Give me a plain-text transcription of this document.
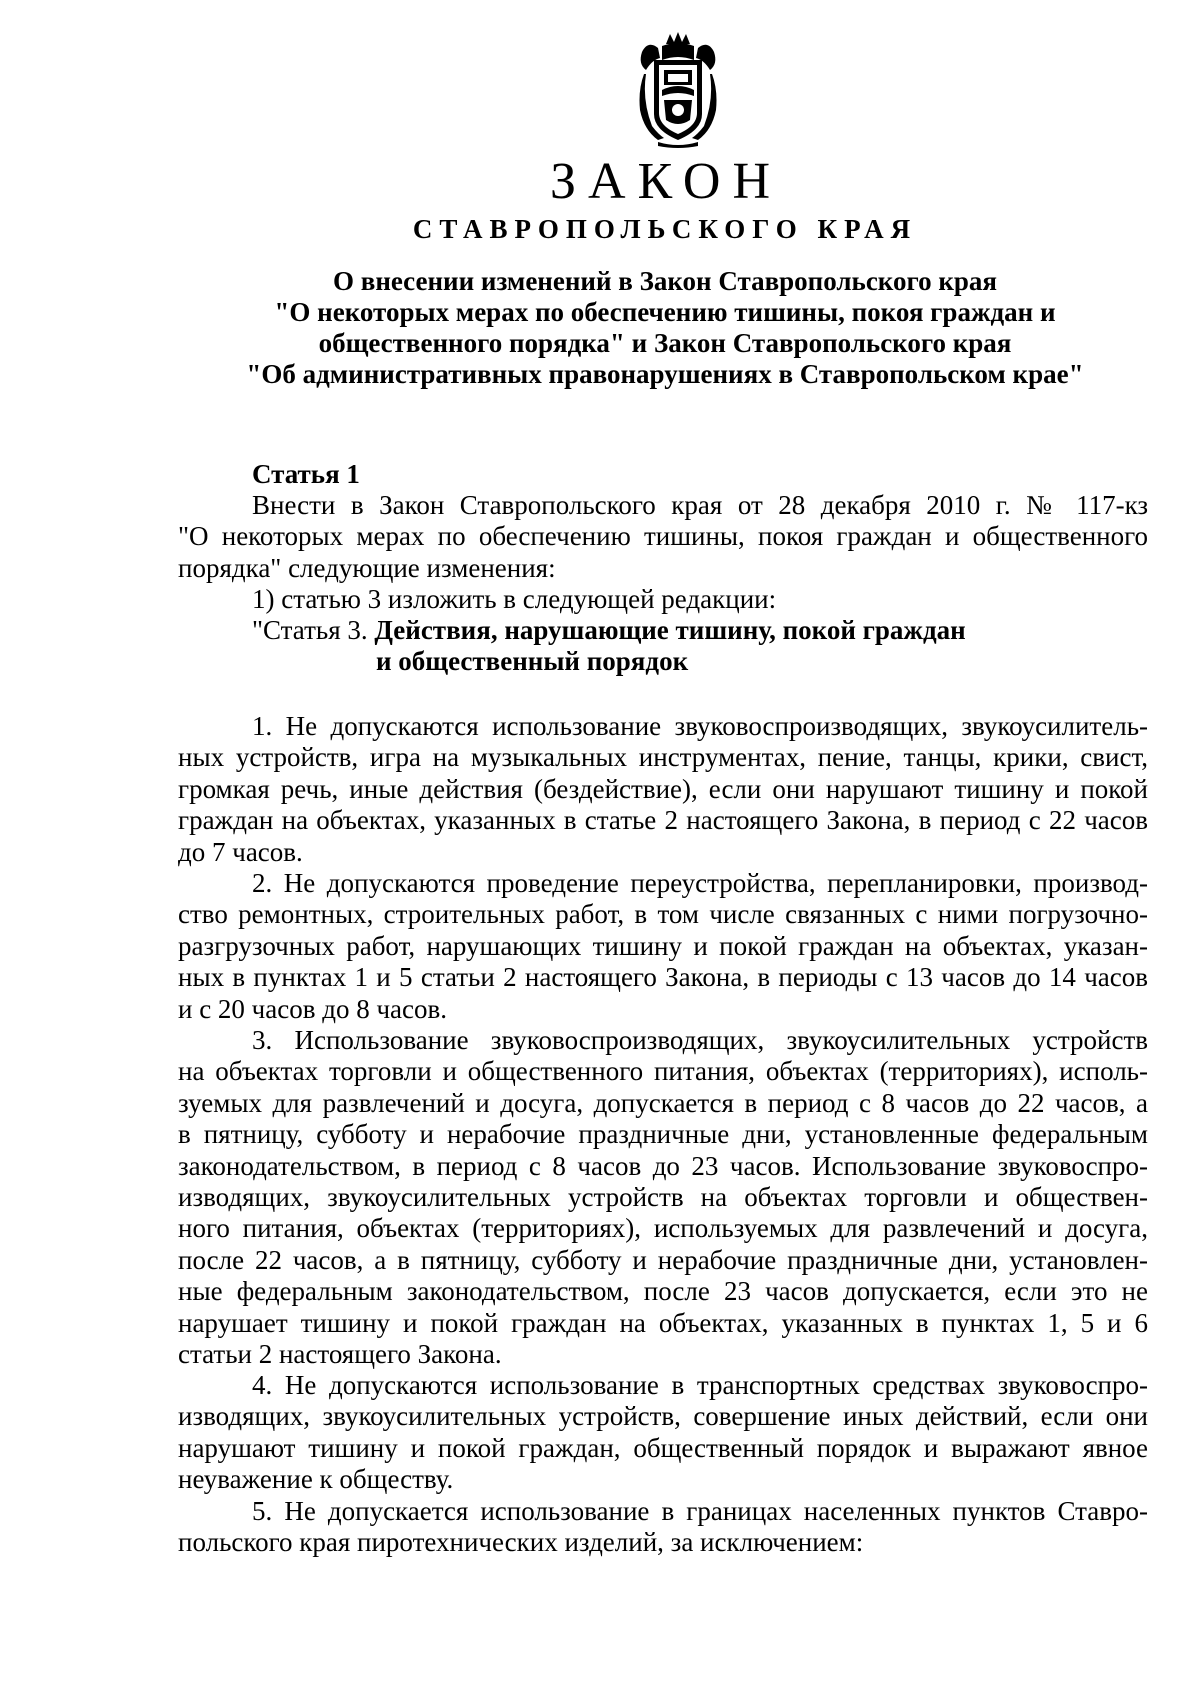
ЗАКОН
СТАВРОПОЛЬСКОГО КРАЯ
О внесении изменений в Закон Ставропольского края
"О некоторых мерах по обеспечению тишины, покоя граждан и
общественного порядка" и Закон Ставропольского края
"Об административных правонарушениях в Ставропольском крае"
Статья 1
Внести в Закон Ставропольского края от 28 декабря 2010 г. № 117-кз
"О некоторых мерах по обеспечению тишины, покоя граждан и общественного
порядка" следующие изменения:
1) статью 3 изложить в следующей редакции:
"Статья 3. Действия, нарушающие тишину, покой граждан
и общественный порядок
1. Не допускаются использование звуковоспроизводящих, звукоусилитель-
ных устройств, игра на музыкальных инструментах, пение, танцы, крики, свист,
громкая речь, иные действия (бездействие), если они нарушают тишину и покой
граждан на объектах, указанных в статье 2 настоящего Закона, в период с 22 часов
до 7 часов.
2. Не допускаются проведение переустройства, перепланировки, производ-
ство ремонтных, строительных работ, в том числе связанных с ними погрузочно-
разгрузочных работ, нарушающих тишину и покой граждан на объектах, указан-
ных в пунктах 1 и 5 статьи 2 настоящего Закона, в периоды с 13 часов до 14 часов
и с 20 часов до 8 часов.
3. Использование звуковоспроизводящих, звукоусилительных устройств
на объектах торговли и общественного питания, объектах (территориях), исполь-
зуемых для развлечений и досуга, допускается в период с 8 часов до 22 часов, а
в пятницу, субботу и нерабочие праздничные дни, установленные федеральным
законодательством, в период с 8 часов до 23 часов. Использование звуковоспро-
изводящих, звукоусилительных устройств на объектах торговли и обществен-
ного питания, объектах (территориях), используемых для развлечений и досуга,
после 22 часов, а в пятницу, субботу и нерабочие праздничные дни, установлен-
ные федеральным законодательством, после 23 часов допускается, если это не
нарушает тишину и покой граждан на объектах, указанных в пунктах 1, 5 и 6
статьи 2 настоящего Закона.
4. Не допускаются использование в транспортных средствах звуковоспро-
изводящих, звукоусилительных устройств, совершение иных действий, если они
нарушают тишину и покой граждан, общественный порядок и выражают явное
неуважение к обществу.
5. Не допускается использование в границах населенных пунктов Ставро-
польского края пиротехнических изделий, за исключением:
